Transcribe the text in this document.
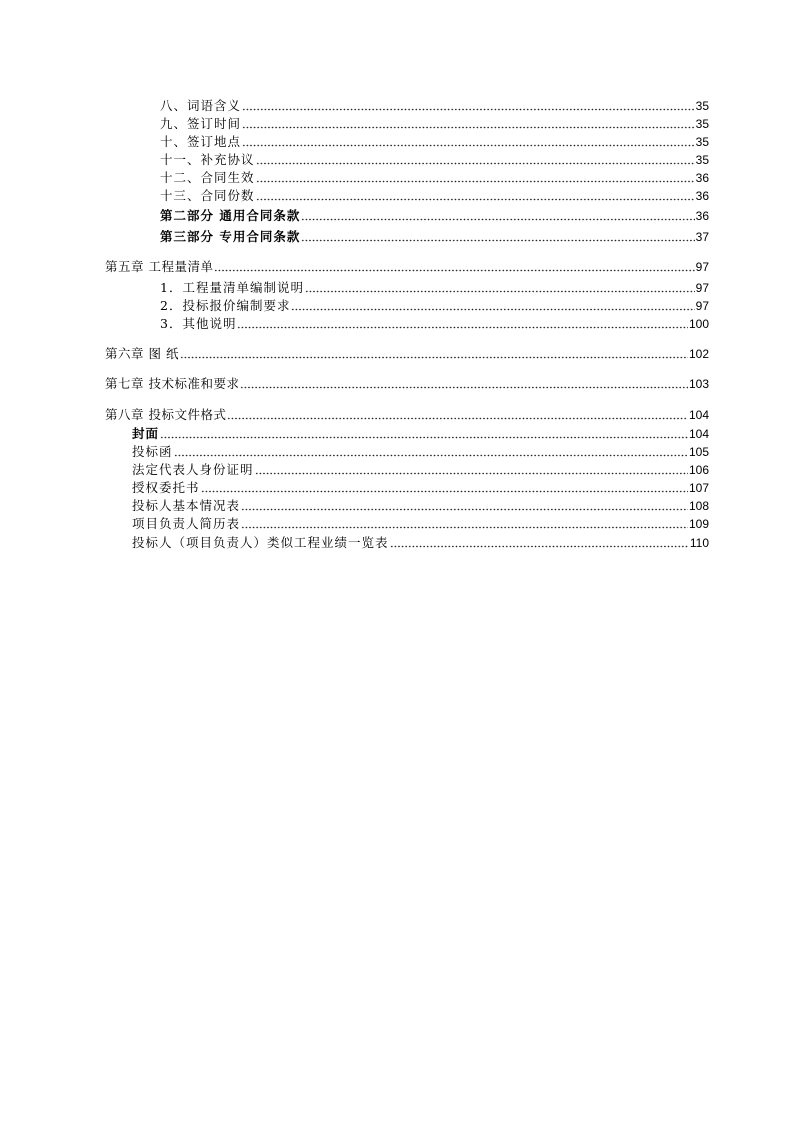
八、词语含义	35
九、签订时间	35
十、签订地点	35
十一、补充协议	35
十二、合同生效	36
十三、合同份数	36
第二部分 通用合同条款	36
第三部分 专用合同条款	37
第五章 工程量清单	97
1．工程量清单编制说明	97
2．投标报价编制要求	97
3．其他说明	100
第六章 图 纸	102
第七章 技术标准和要求	103
第八章 投标文件格式	104
封面	104
投标函	105
法定代表人身份证明	106
授权委托书	107
投标人基本情况表	108
项目负责人简历表	109
投标人（项目负责人）类似工程业绩一览表	110
